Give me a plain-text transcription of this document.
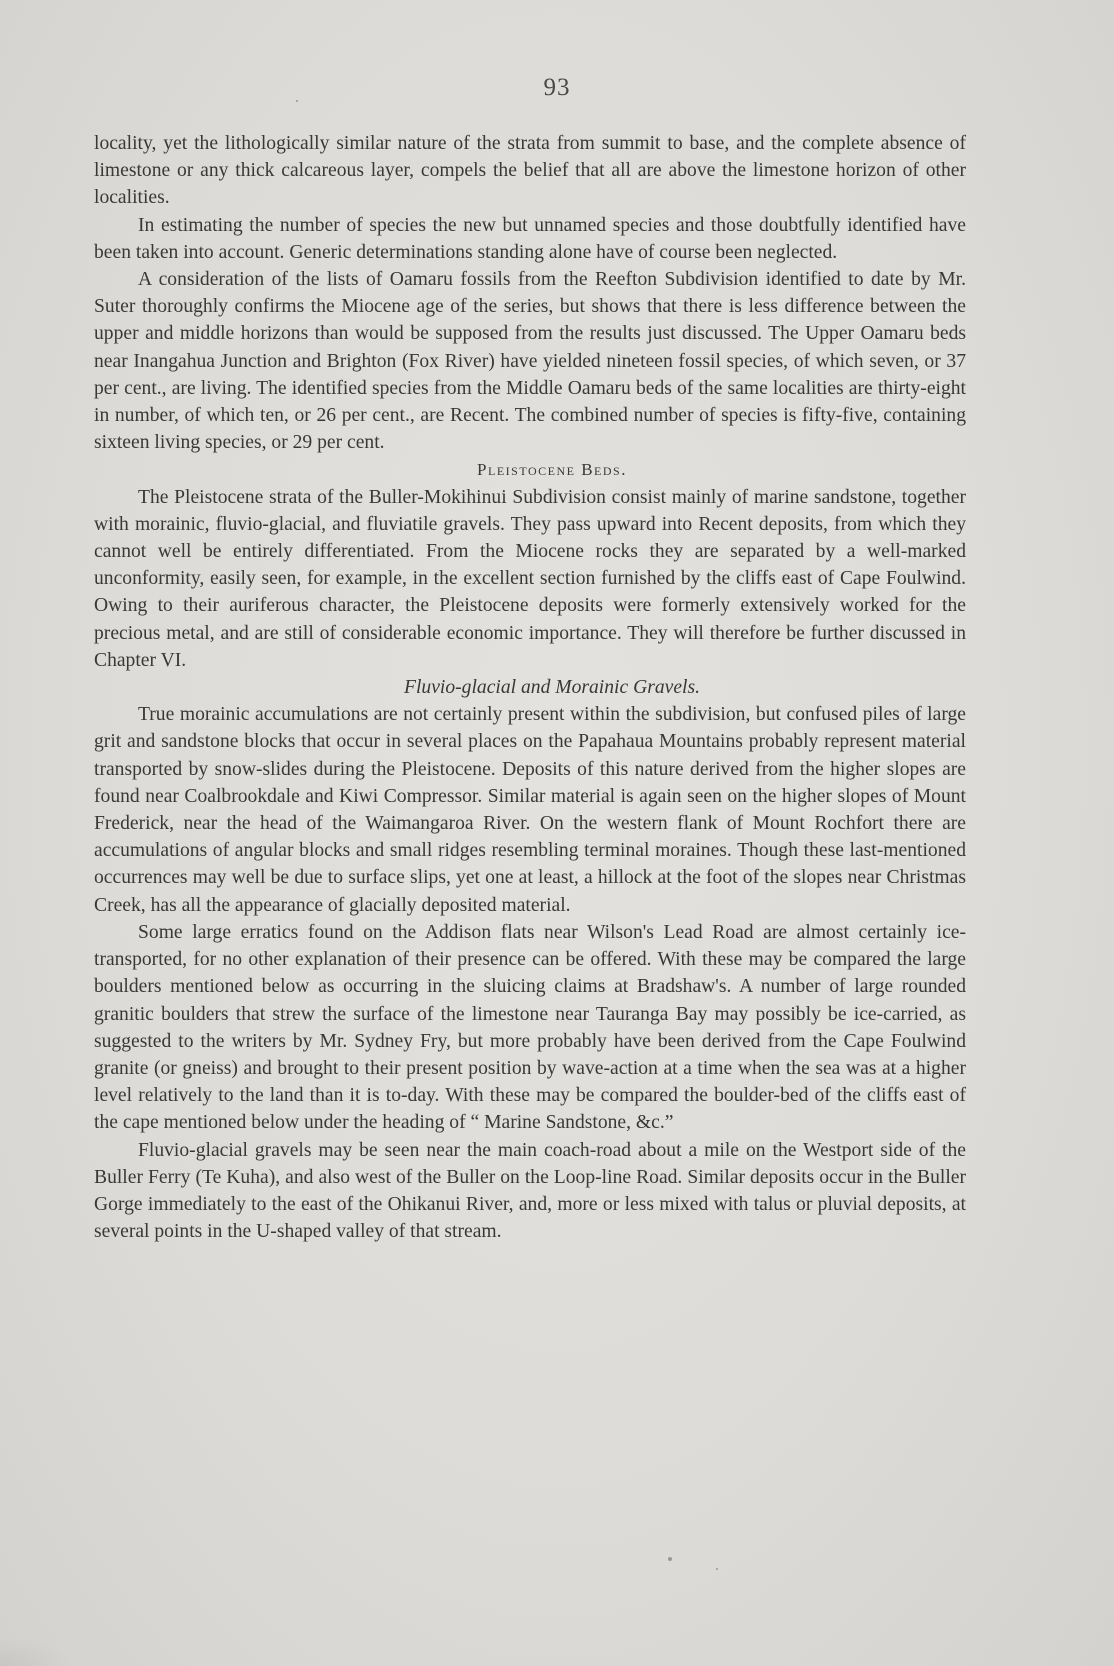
93

locality, yet the lithologically similar nature of the strata from summit to base, and the complete absence of limestone or any thick calcareous layer, compels the belief that all are above the limestone horizon of other localities.

In estimating the number of species the new but unnamed species and those doubtfully identified have been taken into account. Generic determinations standing alone have of course been neglected.

A consideration of the lists of Oamaru fossils from the Reefton Subdivision identified to date by Mr. Suter thoroughly confirms the Miocene age of the series, but shows that there is less difference between the upper and middle horizons than would be supposed from the results just discussed. The Upper Oamaru beds near Inangahua Junction and Brighton (Fox River) have yielded nineteen fossil species, of which seven, or 37 per cent., are living. The identified species from the Middle Oamaru beds of the same localities are thirty-eight in number, of which ten, or 26 per cent., are Recent. The combined number of species is fifty-five, containing sixteen living species, or 29 per cent.

Pleistocene Beds.

The Pleistocene strata of the Buller-Mokihinui Subdivision consist mainly of marine sandstone, together with morainic, fluvio-glacial, and fluviatile gravels. They pass upward into Recent deposits, from which they cannot well be entirely differentiated. From the Miocene rocks they are separated by a well-marked unconformity, easily seen, for example, in the excellent section furnished by the cliffs east of Cape Foulwind. Owing to their auriferous character, the Pleistocene deposits were formerly extensively worked for the precious metal, and are still of considerable economic importance. They will therefore be further discussed in Chapter VI.

Fluvio-glacial and Morainic Gravels.

True morainic accumulations are not certainly present within the subdivision, but confused piles of large grit and sandstone blocks that occur in several places on the Papahaua Mountains probably represent material transported by snow-slides during the Pleistocene. Deposits of this nature derived from the higher slopes are found near Coalbrookdale and Kiwi Compressor. Similar material is again seen on the higher slopes of Mount Frederick, near the head of the Waimangaroa River. On the western flank of Mount Rochfort there are accumulations of angular blocks and small ridges resembling terminal moraines. Though these last-mentioned occurrences may well be due to surface slips, yet one at least, a hillock at the foot of the slopes near Christmas Creek, has all the appearance of glacially deposited material.

Some large erratics found on the Addison flats near Wilson's Lead Road are almost certainly ice-transported, for no other explanation of their presence can be offered. With these may be compared the large boulders mentioned below as occurring in the sluicing claims at Bradshaw's. A number of large rounded granitic boulders that strew the surface of the limestone near Tauranga Bay may possibly be ice-carried, as suggested to the writers by Mr. Sydney Fry, but more probably have been derived from the Cape Foulwind granite (or gneiss) and brought to their present position by wave-action at a time when the sea was at a higher level relatively to the land than it is to-day. With these may be compared the boulder-bed of the cliffs east of the cape mentioned below under the heading of “ Marine Sandstone, &c.”

Fluvio-glacial gravels may be seen near the main coach-road about a mile on the Westport side of the Buller Ferry (Te Kuha), and also west of the Buller on the Loop-line Road. Similar deposits occur in the Buller Gorge immediately to the east of the Ohikanui River, and, more or less mixed with talus or pluvial deposits, at several points in the U-shaped valley of that stream.
